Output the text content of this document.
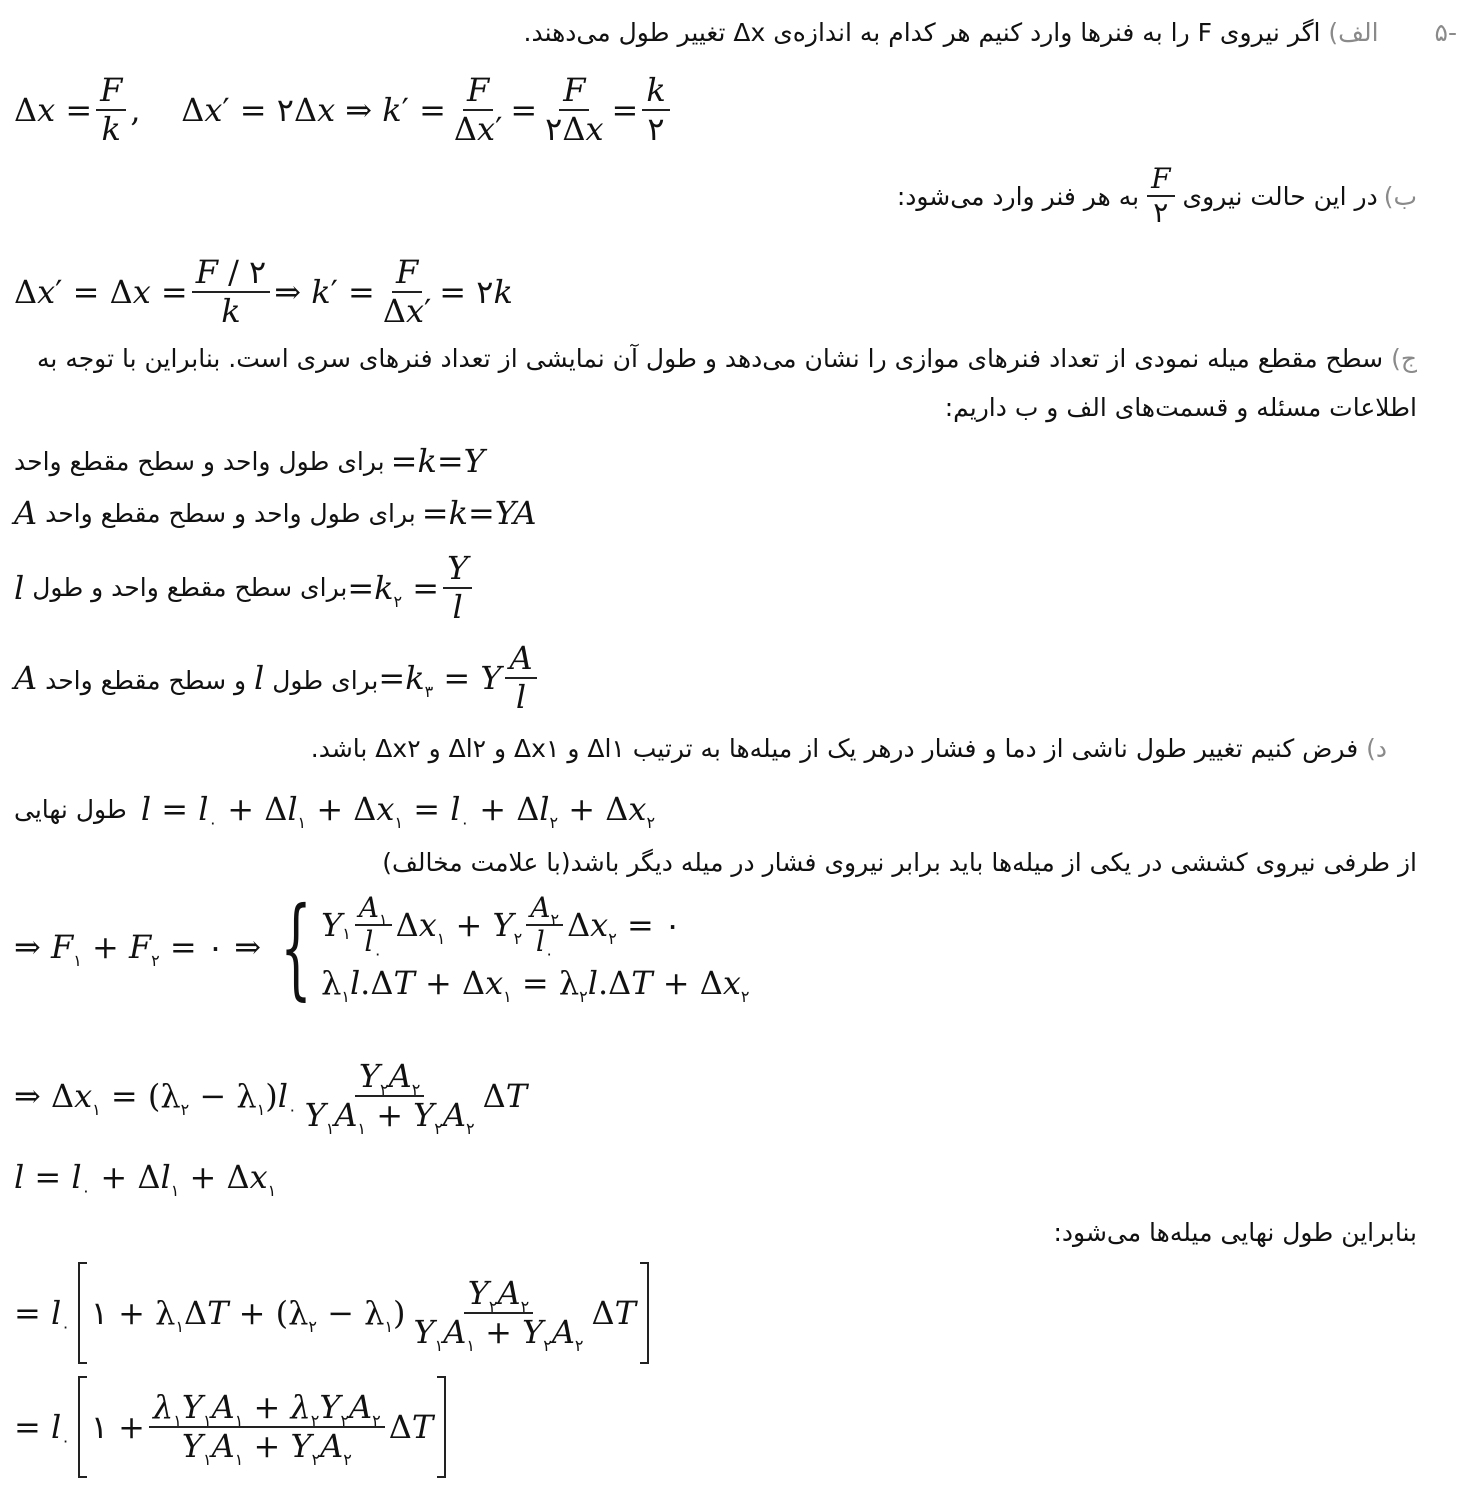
-۵  الف) اگر نیروی F را به فنرها وارد کنیم هر کدام به اندازه‌ی Δx تغییر طول می‌دهند.
$\Delta x = \frac{F}{k}$ ,    Δx′ = ۲Δx ⇒ $k' = \frac{F}{\Delta x'} = \frac{F}{۲\Delta x} = \frac{k}{۲}$
ب)
در این حالت نیروی
$\frac{F}{۲}$
به هر فنر وارد می‌شود:
$\Delta x' = \Delta x = \frac{F / ۲}{k}$ ⇒ $k' = \frac{F}{\Delta x'}$ = ۲k
ج) سطح مقطع میله نمودی از تعداد فنرهای موازی را نشان می‌دهد و طول آن نمایشی از تعداد فنرهای سری است. بنابراین با توجه به
اطلاعات مسئله و قسمت‌های الف و ب داریم:
برای طول واحد و سطح مقطع واحد =k=Y
A برای طول واحد و سطح مقطع واحد =k=YA
l برای سطح مقطع واحد و طول $=k_۲ = \frac{Y}{l}$
A	برای طول l و سطح مقطع واحد	$=k_۳ = Y \frac{A}{l}$
د) فرض کنیم تغییر طول ناشی از دما و فشار درهر یک از میله‌ها به ترتیب Δl۱ و Δx۱ و Δl۲ و Δx۲ باشد.
طول نهایی $l = l_۰ + \Delta l_۱ + \Delta x_۱ = l_۰ + \Delta l_۲ + \Delta x_۲$
از طرفی نیروی کششی در یکی از میله‌ها باید برابر نیروی فشار در میله دیگر باشد(با علامت مخالف)
⇒ $F_۱ + F_۲$ = ۰ ⇒ { Y ۱ $\frac{A_۱}{l_۰} \Delta x_۱ + Y_۲ \frac{A_۲}{l_۰} \Delta x_۲$ = ۰
$\lambda_۱l.\Delta T + \Delta x_۱ = \lambda_۲l.\Delta T + \Delta x_۲$
⇒ $\Delta x_۱ = (\lambda_۲ - \lambda_۱)l_۰ \frac{Y_۲A_۲}{Y_۱A_۱ + Y_۲A_۲}$ ΔT
$l = l_۰ + \Delta l_۱ + \Delta x_۱$
بنابراین طول نهایی میله‌ها می‌شود:
= $l_۰$ ۱ + $\lambda_۱\Delta T + (\lambda_۲ - \lambda_۱) \frac{Y_۲A_۲}{Y_۱A_۱ + Y_۲A_۲}$ ΔT
= $l_۰$ ۱ + $\frac{\lambda_۱Y_۱A_۱ + \lambda_۲Y_۲A_۲}{Y_۱A_۱ + Y_۲A_۲}$ ΔT
